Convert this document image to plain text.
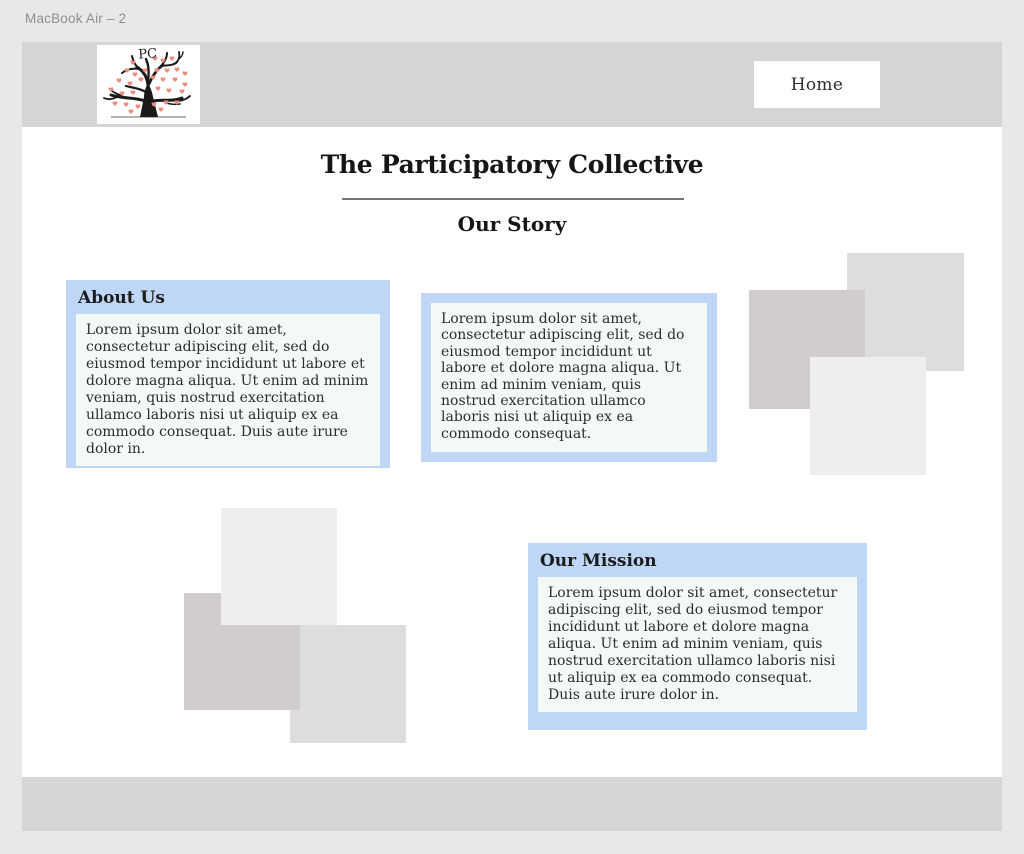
MacBook Air – 2
PC
Home
The Participatory Collective
Our Story
About Us

Lorem ipsum dolor sit amet, consectetur adipiscing elit, sed do eiusmod tempor incididunt ut labore et dolore magna aliqua. Ut enim ad minim veniam, quis nostrud exercitation ullamco laboris nisi ut aliquip ex ea commodo consequat. Duis aute irure dolor in.

Lorem ipsum dolor sit amet, consectetur adipiscing elit, sed do eiusmod tempor incididunt ut labore et dolore magna aliqua. Ut enim ad minim veniam, quis nostrud exercitation ullamco laboris nisi ut aliquip ex ea commodo consequat.

Our Mission

Lorem ipsum dolor sit amet, consectetur adipiscing elit, sed do eiusmod tempor incididunt ut labore et dolore magna aliqua. Ut enim ad minim veniam, quis nostrud exercitation ullamco laboris nisi ut aliquip ex ea commodo consequat. Duis aute irure dolor in.
